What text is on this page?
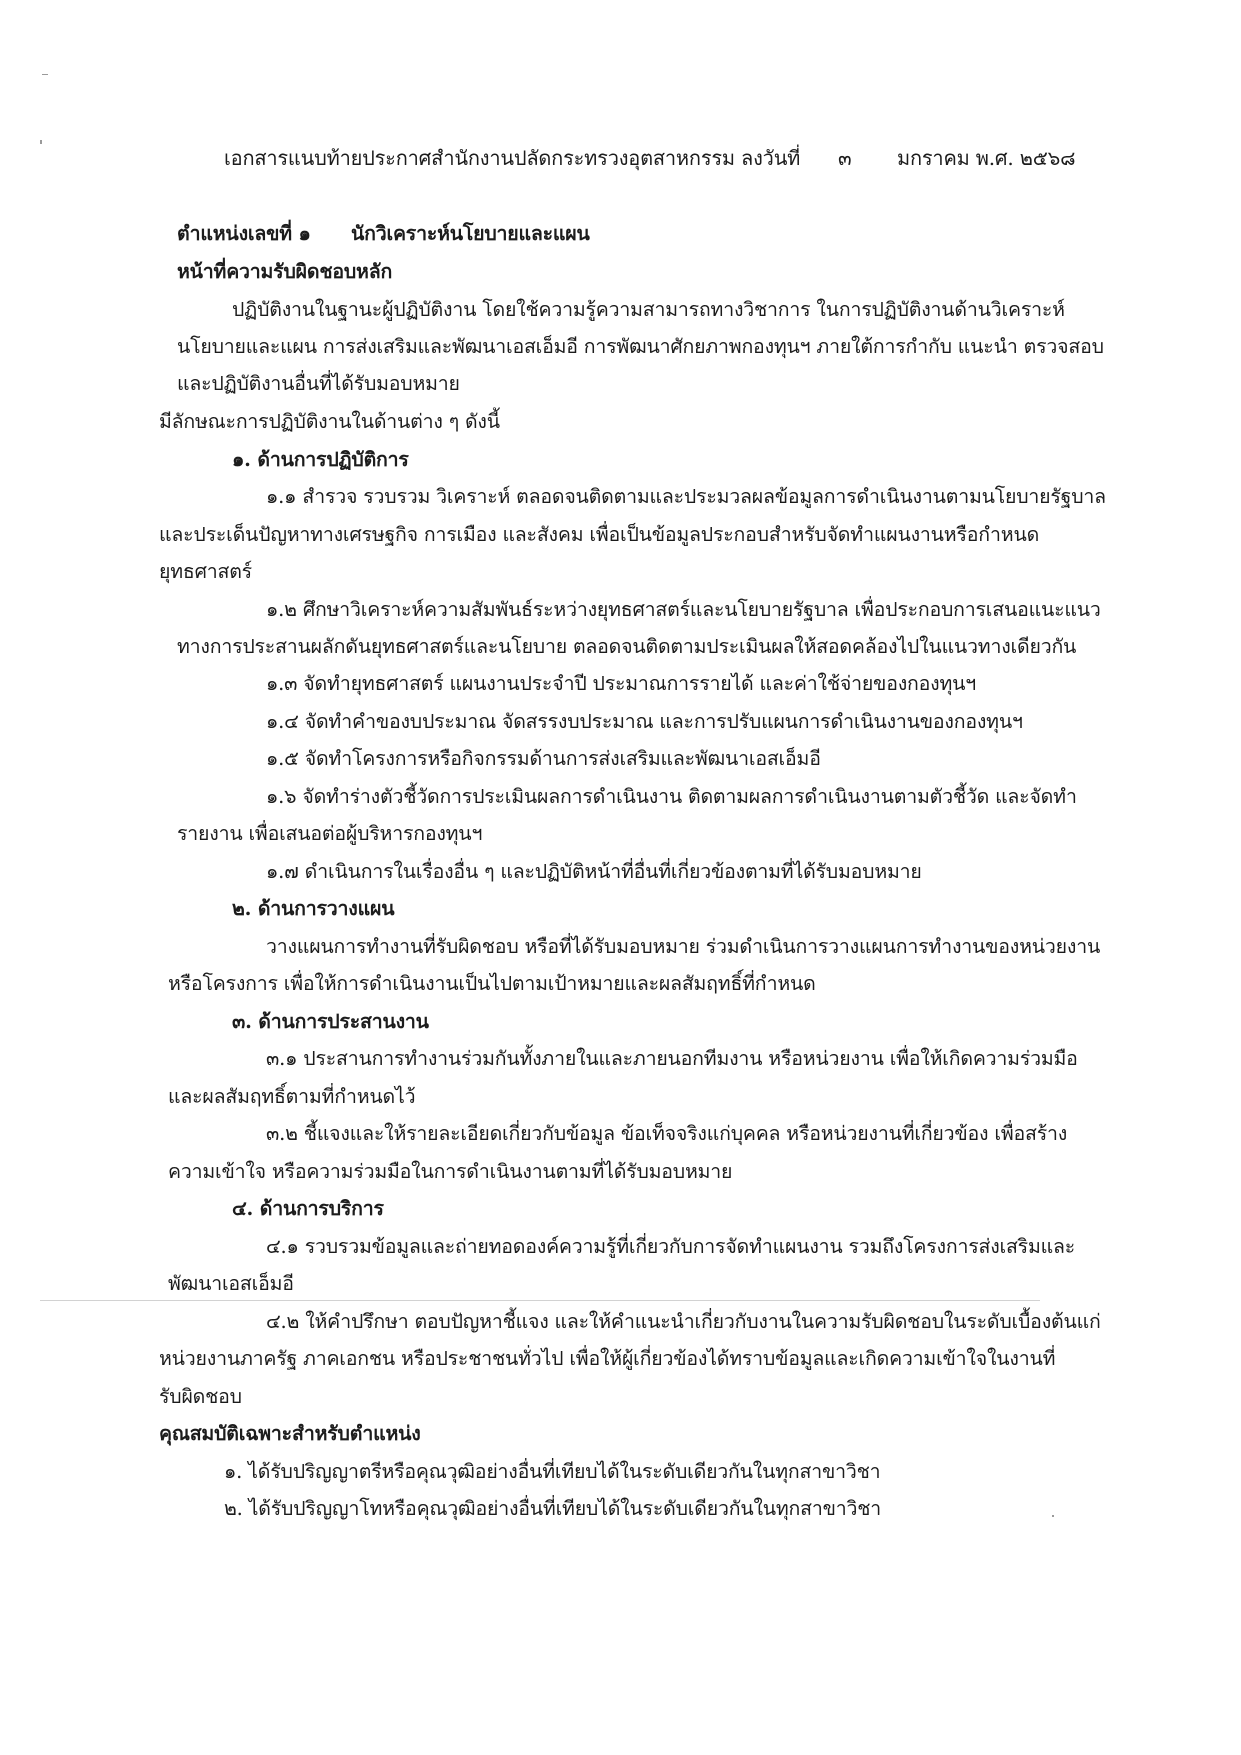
เอกสารแนบท้ายประกาศสำนักงานปลัดกระทรวงอุตสาหกรรม ลงวันที่ ๓ มกราคม พ.ศ. ๒๕๖๘
ตำแหน่งเลขที่ ๑ นักวิเคราะห์นโยบายและแผน
หน้าที่ความรับผิดชอบหลัก
ปฏิบัติงานในฐานะผู้ปฏิบัติงาน โดยใช้ความรู้ความสามารถทางวิชาการ ในการปฏิบัติงานด้านวิเคราะห์
นโยบายและแผน การส่งเสริมและพัฒนาเอสเอ็มอี การพัฒนาศักยภาพกองทุนฯ ภายใต้การกำกับ แนะนำ ตรวจสอบ
และปฏิบัติงานอื่นที่ได้รับมอบหมาย
มีลักษณะการปฏิบัติงานในด้านต่าง ๆ ดังนี้
๑. ด้านการปฏิบัติการ
๑.๑ สำรวจ รวบรวม วิเคราะห์ ตลอดจนติดตามและประมวลผลข้อมูลการดำเนินงานตามนโยบายรัฐบาล
และประเด็นปัญหาทางเศรษฐกิจ การเมือง และสังคม เพื่อเป็นข้อมูลประกอบสำหรับจัดทำแผนงานหรือกำหนด
ยุทธศาสตร์
๑.๒ ศึกษาวิเคราะห์ความสัมพันธ์ระหว่างยุทธศาสตร์และนโยบายรัฐบาล เพื่อประกอบการเสนอแนะแนว
ทางการประสานผลักดันยุทธศาสตร์และนโยบาย ตลอดจนติดตามประเมินผลให้สอดคล้องไปในแนวทางเดียวกัน
๑.๓ จัดทำยุทธศาสตร์ แผนงานประจำปี ประมาณการรายได้ และค่าใช้จ่ายของกองทุนฯ
๑.๔ จัดทำคำของบประมาณ จัดสรรงบประมาณ และการปรับแผนการดำเนินงานของกองทุนฯ
๑.๕ จัดทำโครงการหรือกิจกรรมด้านการส่งเสริมและพัฒนาเอสเอ็มอี
๑.๖ จัดทำร่างตัวชี้วัดการประเมินผลการดำเนินงาน ติดตามผลการดำเนินงานตามตัวชี้วัด และจัดทำ
รายงาน เพื่อเสนอต่อผู้บริหารกองทุนฯ
๑.๗ ดำเนินการในเรื่องอื่น ๆ และปฏิบัติหน้าที่อื่นที่เกี่ยวข้องตามที่ได้รับมอบหมาย
๒. ด้านการวางแผน
วางแผนการทำงานที่รับผิดชอบ หรือที่ได้รับมอบหมาย ร่วมดำเนินการวางแผนการทำงานของหน่วยงาน
หรือโครงการ เพื่อให้การดำเนินงานเป็นไปตามเป้าหมายและผลสัมฤทธิ์ที่กำหนด
๓. ด้านการประสานงาน
๓.๑ ประสานการทำงานร่วมกันทั้งภายในและภายนอกทีมงาน หรือหน่วยงาน เพื่อให้เกิดความร่วมมือ
และผลสัมฤทธิ์ตามที่กำหนดไว้
๓.๒ ชี้แจงและให้รายละเอียดเกี่ยวกับข้อมูล ข้อเท็จจริงแก่บุคคล หรือหน่วยงานที่เกี่ยวข้อง เพื่อสร้าง
ความเข้าใจ หรือความร่วมมือในการดำเนินงานตามที่ได้รับมอบหมาย
๔. ด้านการบริการ
๔.๑ รวบรวมข้อมูลและถ่ายทอดองค์ความรู้ที่เกี่ยวกับการจัดทำแผนงาน รวมถึงโครงการส่งเสริมและ
พัฒนาเอสเอ็มอี
๔.๒ ให้คำปรึกษา ตอบปัญหาชี้แจง และให้คำแนะนำเกี่ยวกับงานในความรับผิดชอบในระดับเบื้องต้นแก่
หน่วยงานภาครัฐ ภาคเอกชน หรือประชาชนทั่วไป เพื่อให้ผู้เกี่ยวข้องได้ทราบข้อมูลและเกิดความเข้าใจในงานที่
รับผิดชอบ
คุณสมบัติเฉพาะสำหรับตำแหน่ง
๑. ได้รับปริญญาตรีหรือคุณวุฒิอย่างอื่นที่เทียบได้ในระดับเดียวกันในทุกสาขาวิชา
๒. ได้รับปริญญาโทหรือคุณวุฒิอย่างอื่นที่เทียบได้ในระดับเดียวกันในทุกสาขาวิชา
